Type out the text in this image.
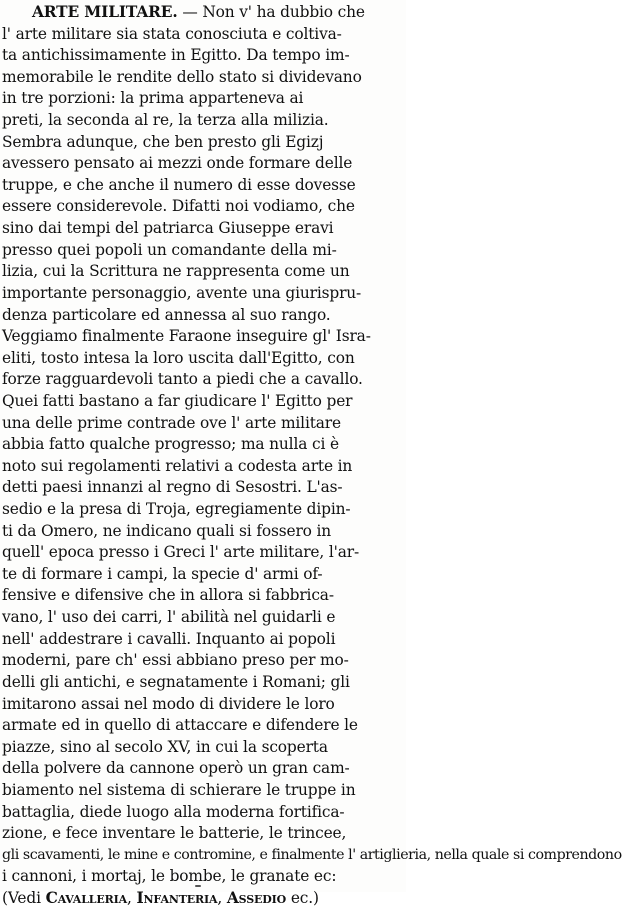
ARTE MILITARE. — Non v' ha dubbio che
l' arte militare sia stata conosciuta e coltiva-
ta antichissimamente in Egitto. Da tempo im-
memorabile le rendite dello stato si dividevano
in tre porzioni: la prima apparteneva ai
preti, la seconda al re, la terza alla milizia.
Sembra adunque, che ben presto gli Egizj
avessero pensato ai mezzi onde formare delle
truppe, e che anche il numero di esse dovesse
essere considerevole. Difatti noi vodiamo, che
sino dai tempi del patriarca Giuseppe eravi
presso quei popoli un comandante della mi-
lizia, cui la Scrittura ne rappresenta come un
importante personaggio, avente una giurispru-
denza particolare ed annessa al suo rango.
Veggiamo finalmente Faraone inseguire gl' Isra-
eliti, tosto intesa la loro uscita dall'Egitto, con
forze ragguardevoli tanto a piedi che a cavallo.
Quei fatti bastano a far giudicare l' Egitto per
una delle prime contrade ove l' arte militare
abbia fatto qualche progresso; ma nulla ci è
noto sui regolamenti relativi a codesta arte in
detti paesi innanzi al regno di Sesostri. L'as-
sedio e la presa di Troja, egregiamente dipin-
ti da Omero, ne indicano quali si fossero in
quell' epoca presso i Greci l' arte militare, l'ar-
te di formare i campi, la specie d' armi of-
fensive e difensive che in allora si fabbrica-
vano, l' uso dei carri, l' abilità nel guidarli e
nell' addestrare i cavalli. Inquanto ai popoli
moderni, pare ch' essi abbiano preso per mo-
delli gli antichi, e segnatamente i Romani; gli
imitarono assai nel modo di dividere le loro
armate ed in quello di attaccare e difendere le
piazze, sino al secolo XV, in cui la scoperta
della polvere da cannone operò un gran cam-
biamento nel sistema di schierare le truppe in
battaglia, diede luogo alla moderna fortifica-
zione, e fece inventare le batterie, le trincee,
gli scavamenti, le mine e contromine, e finalmente l' artiglieria, nella quale si comprendono
i cannoni, i mortaj, le bombe, le granate ec:
(Vedi Cavalleria, Infanteria, Assedio ec.)
